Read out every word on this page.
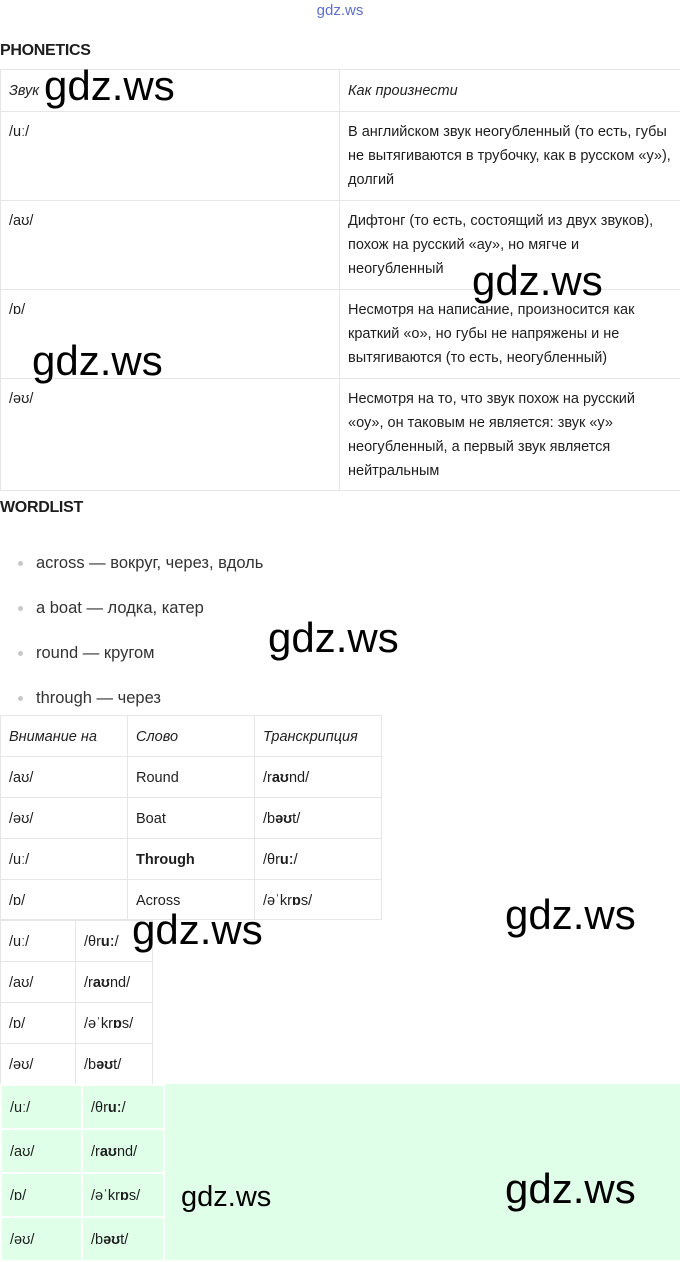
gdz.ws
PHONETICS
Звук	Как произнести
/uː/	В английском звук неогубленный (то есть, губы не вытягиваются в трубочку, как в русском «у»), долгий
/aʊ/	Дифтонг (то есть, состоящий из двух звуков), похож на русский «ау», но мягче и неогубленный
/ɒ/	Несмотря на написание, произносится как краткий «о», но губы не напряжены и не вытягиваются (то есть, неогубленный)
/əʊ/	Несмотря на то, что звук похож на русский «оу», он таковым не является: звук «у» неогубленный, а первый звук является нейтральным
WORDLIST
across — вокруг, через, вдоль
a boat — лодка, катер
round — кругом
through — через
Внимание на	Слово	Транскрипция
/aʊ/	Round	/raʊnd/
/əʊ/	Boat	/bəʊt/
/uː/	Through	/θruː/
/ɒ/	Across	/əˈkrɒs/
/uː/	/θruː/
/aʊ/	/raʊnd/
/ɒ/	/əˈkrɒs/
/əʊ/	/bəʊt/
/uː/	/θruː/
/aʊ/	/raʊnd/
/ɒ/	/əˈkrɒs/
/əʊ/	/bəʊt/
gdz.ws
gdz.ws
gdz.ws
gdz.ws
gdz.ws
gdz.ws
gdz.ws	gdz.ws
